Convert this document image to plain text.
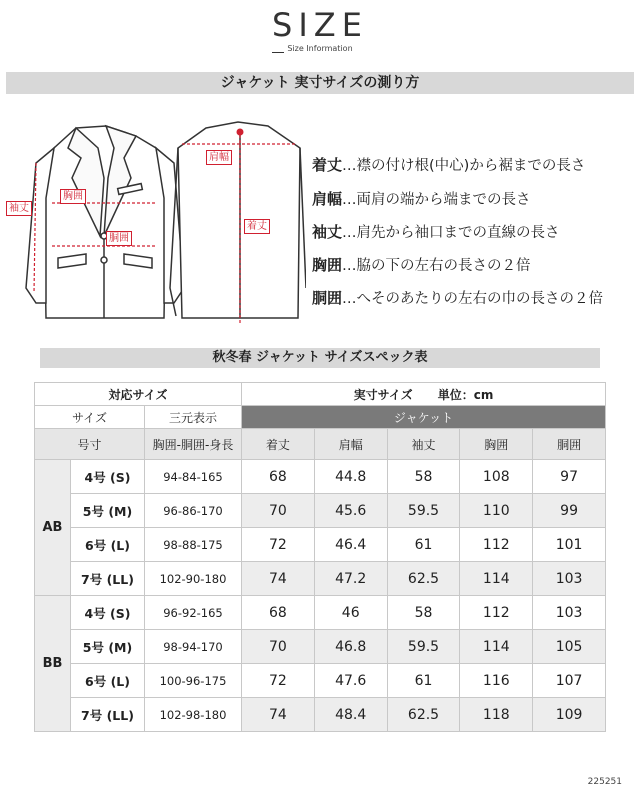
SIZE
Size Information
ジャケット 実寸サイズの測り方
袖丈
胸囲
胴囲
肩幅
着丈
着丈…襟の付け根(中心)から裾までの長さ
肩幅…両肩の端から端までの長さ
袖丈…肩先から袖口までの直線の長さ
胸囲…脇の下の左右の長さの２倍
胴囲…へそのあたりの左右の巾の長さの２倍
秋冬春 ジャケット サイズスペック表
対応サイズ			実寸サイズ 単位：cm				
サイズ		三元表示	ジャケット				
号寸		胸囲-胴囲-身長	着丈	肩幅	袖丈	胸囲	胴囲
AB	4号 (S)	94-84-165	68	44.8	58	108	97
	5号 (M)	96-86-170	70	45.6	59.5	110	99
	6号 (L)	98-88-175	72	46.4	61	112	101
	7号 (LL)	102-90-180	74	47.2	62.5	114	103
BB	4号 (S)	96-92-165	68	46	58	112	103
	5号 (M)	98-94-170	70	46.8	59.5	114	105
	6号 (L)	100-96-175	72	47.6	61	116	107
	7号 (LL)	102-98-180	74	48.4	62.5	118	109
225251
